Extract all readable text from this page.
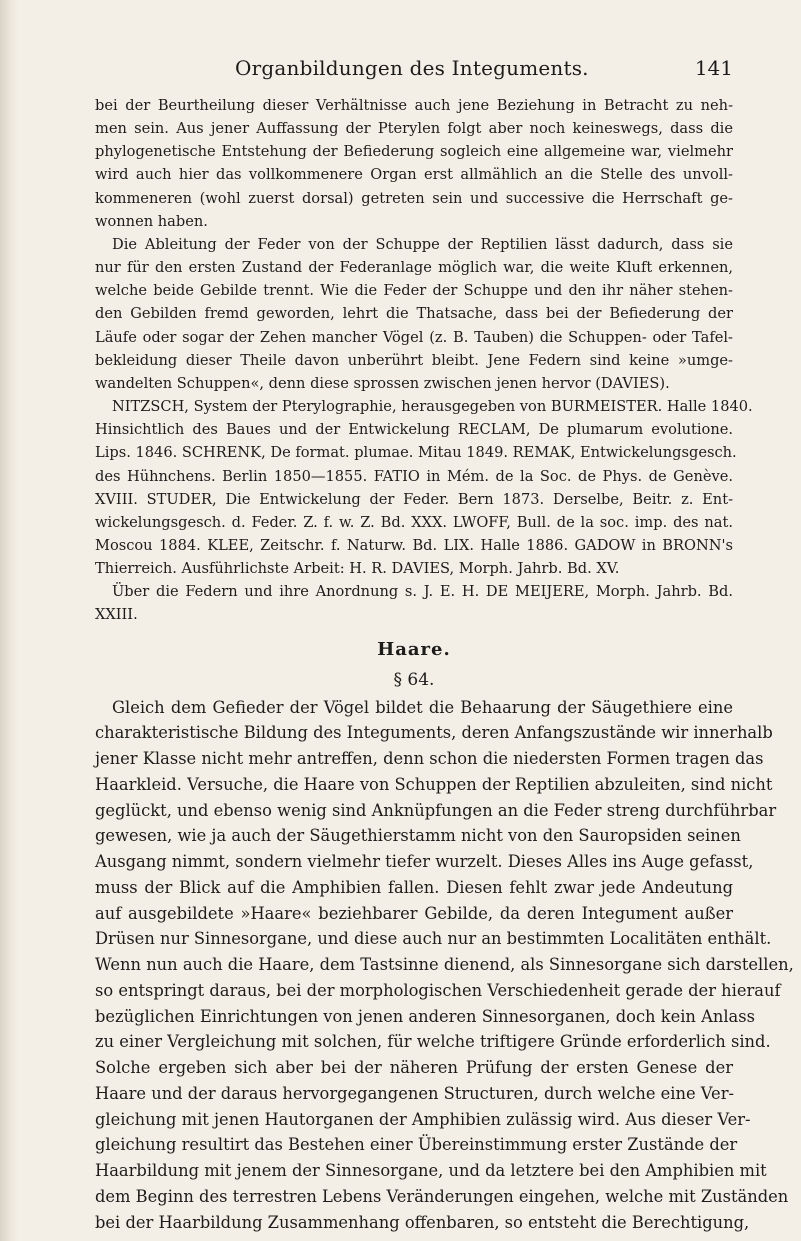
Organbildungen des Integuments.	141
bei der Beurtheilung dieser Verhältnisse auch jene Beziehung in Betracht zu neh-
men sein. Aus jener Auffassung der Pterylen folgt aber noch keineswegs, dass die
phylogenetische Entstehung der Befiederung sogleich eine allgemeine war, vielmehr
wird auch hier das vollkommenere Organ erst allmählich an die Stelle des unvoll-
kommeneren (wohl zuerst dorsal) getreten sein und successive die Herrschaft ge-
wonnen haben.
Die Ableitung der Feder von der Schuppe der Reptilien lässt dadurch, dass sie
nur für den ersten Zustand der Federanlage möglich war, die weite Kluft erkennen,
welche beide Gebilde trennt. Wie die Feder der Schuppe und den ihr näher stehen-
den Gebilden fremd geworden, lehrt die Thatsache, dass bei der Befiederung der
Läufe oder sogar der Zehen mancher Vögel (z. B. Tauben) die Schuppen- oder Tafel-
bekleidung dieser Theile davon unberührt bleibt. Jene Federn sind keine »umge-
wandelten Schuppen«, denn diese sprossen zwischen jenen hervor (DAVIES).
NITZSCH, System der Pterylographie, herausgegeben von BURMEISTER. Halle 1840.
Hinsichtlich des Baues und der Entwickelung RECLAM, De plumarum evolutione.
Lips. 1846. SCHRENK, De format. plumae. Mitau 1849. REMAK, Entwickelungsgesch.
des Hühnchens. Berlin 1850—1855. FATIO in Mém. de la Soc. de Phys. de Genève.
XVIII. STUDER, Die Entwickelung der Feder. Bern 1873. Derselbe, Beitr. z. Ent-
wickelungsgesch. d. Feder. Z. f. w. Z. Bd. XXX. LWOFF, Bull. de la soc. imp. des nat.
Moscou 1884. KLEE, Zeitschr. f. Naturw. Bd. LIX. Halle 1886. GADOW in BRONN's
Thierreich. Ausführlichste Arbeit: H. R. DAVIES, Morph. Jahrb. Bd. XV.
Über die Federn und ihre Anordnung s. J. E. H. DE MEIJERE, Morph. Jahrb. Bd.
XXIII.
Haare.
§ 64.
Gleich dem Gefieder der Vögel bildet die Behaarung der Säugethiere eine
charakteristische Bildung des Integuments, deren Anfangszustände wir innerhalb
jener Klasse nicht mehr antreffen, denn schon die niedersten Formen tragen das
Haarkleid. Versuche, die Haare von Schuppen der Reptilien abzuleiten, sind nicht
geglückt, und ebenso wenig sind Anknüpfungen an die Feder streng durchführbar
gewesen, wie ja auch der Säugethierstamm nicht von den Sauropsiden seinen
Ausgang nimmt, sondern vielmehr tiefer wurzelt. Dieses Alles ins Auge gefasst,
muss der Blick auf die Amphibien fallen. Diesen fehlt zwar jede Andeutung
auf ausgebildete »Haare« beziehbarer Gebilde, da deren Integument außer
Drüsen nur Sinnesorgane, und diese auch nur an bestimmten Localitäten enthält.
Wenn nun auch die Haare, dem Tastsinne dienend, als Sinnesorgane sich darstellen,
so entspringt daraus, bei der morphologischen Verschiedenheit gerade der hierauf
bezüglichen Einrichtungen von jenen anderen Sinnesorganen, doch kein Anlass
zu einer Vergleichung mit solchen, für welche triftigere Gründe erforderlich sind.
Solche ergeben sich aber bei der näheren Prüfung der ersten Genese der
Haare und der daraus hervorgegangenen Structuren, durch welche eine Ver-
gleichung mit jenen Hautorganen der Amphibien zulässig wird. Aus dieser Ver-
gleichung resultirt das Bestehen einer Übereinstimmung erster Zustände der
Haarbildung mit jenem der Sinnesorgane, und da letztere bei den Amphibien mit
dem Beginn des terrestren Lebens Veränderungen eingehen, welche mit Zuständen
bei der Haarbildung Zusammenhang offenbaren, so entsteht die Berechtigung,
